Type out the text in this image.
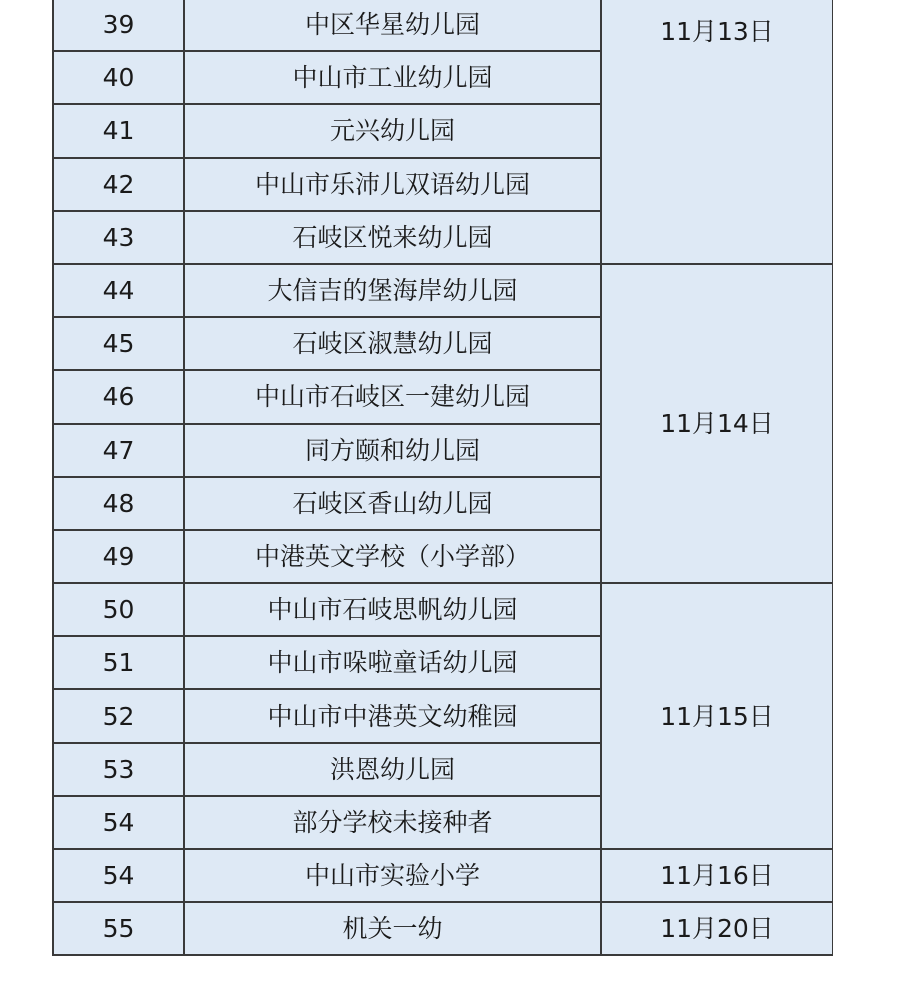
39	中区华星幼儿园	11月13日
40	中山市工业幼儿园	
41	元兴幼儿园	
42	中山市乐沛儿双语幼儿园	
43	石岐区悦来幼儿园	
44	大信吉的堡海岸幼儿园	11月14日
45	石岐区淑慧幼儿园	
46	中山市石岐区一建幼儿园	
47	同方颐和幼儿园	
48	石岐区香山幼儿园	
49	中港英文学校（小学部）	
50	中山市石岐思帆幼儿园	11月15日
51	中山市哚啦童话幼儿园	
52	中山市中港英文幼稚园	
53	洪恩幼儿园	
54	部分学校未接种者	
54	中山市实验小学	11月16日
55	机关一幼	11月20日
